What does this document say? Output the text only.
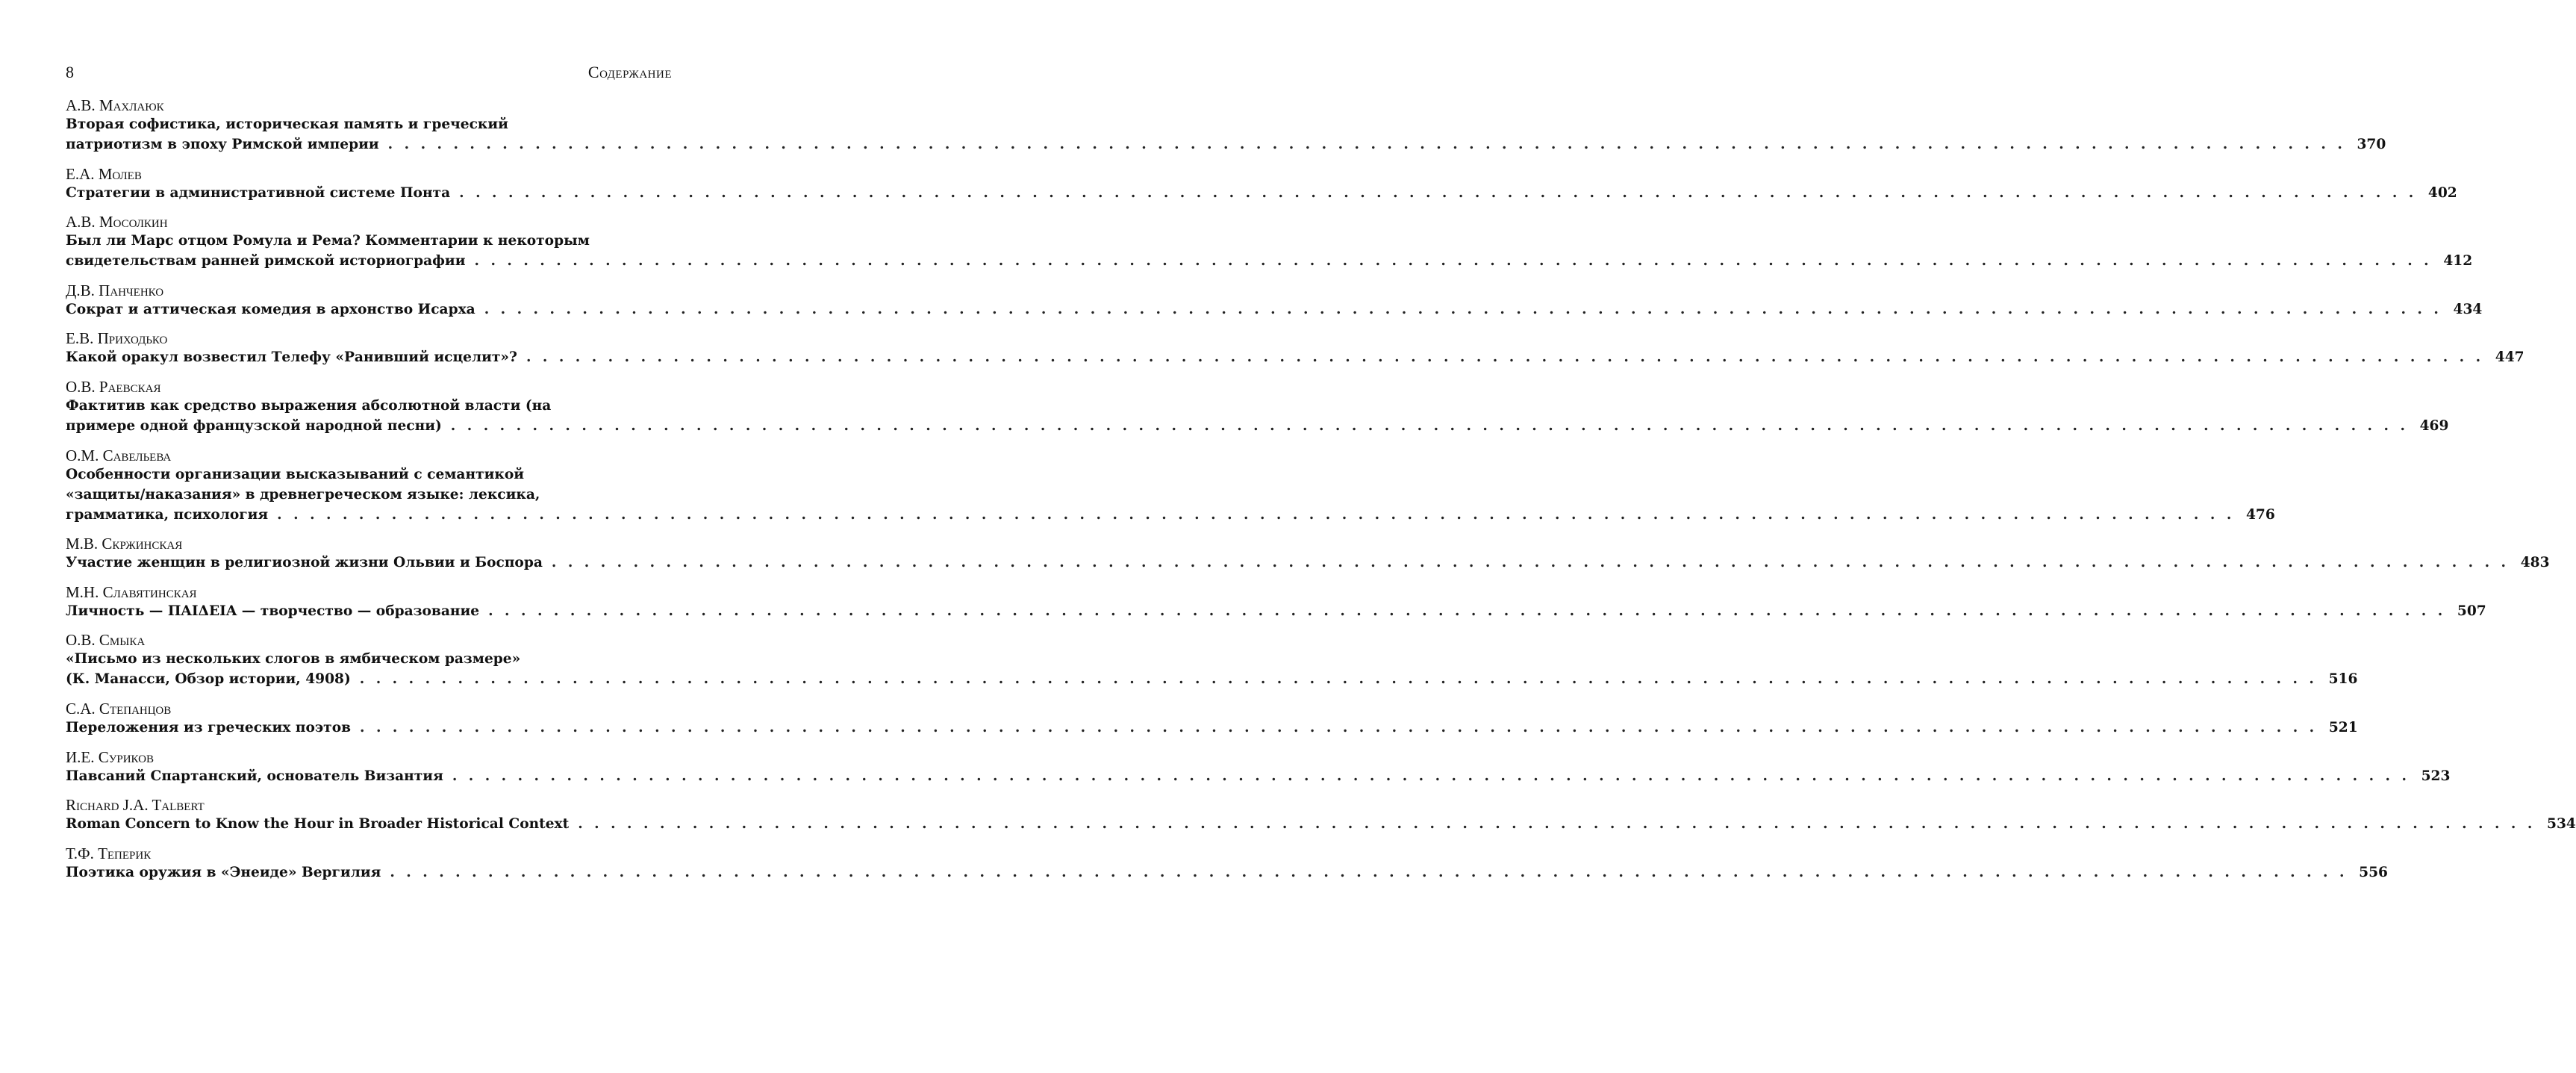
8	Содержание
А.В. Махлаюк
Вторая софистика, историческая память и греческий
патриотизм в эпоху Римской империи . . . . . . . . . . . . . . . . . . . . . . . . . . . . . . . . . . . . . . . . . . . . . . . . . . . . . . . . . . . . . . . . . . . . . . . . . . . . . . . . . . . . . . . . . . . . . . . . . . . . . . . . . . . . . . . . . . . . . . . . 370
Е.А. Молев
Стратегии в административной системе Понта . . . . . . . . . . . . . . . . . . . . . . . . . . . . . . . . . . . . . . . . . . . . . . . . . . . . . . . . . . . . . . . . . . . . . . . . . . . . . . . . . . . . . . . . . . . . . . . . . . . . . . . . . . . . . . . . . . . . . . . . 402
А.В. Мосолкин
Был ли Марс отцом Ромула и Рема? Комментарии к некоторым
свидетельствам ранней римской историографии . . . . . . . . . . . . . . . . . . . . . . . . . . . . . . . . . . . . . . . . . . . . . . . . . . . . . . . . . . . . . . . . . . . . . . . . . . . . . . . . . . . . . . . . . . . . . . . . . . . . . . . . . . . . . . . . . . . . . . . . 412
Д.В. Панченко
Сократ и аттическая комедия в архонство Исарха . . . . . . . . . . . . . . . . . . . . . . . . . . . . . . . . . . . . . . . . . . . . . . . . . . . . . . . . . . . . . . . . . . . . . . . . . . . . . . . . . . . . . . . . . . . . . . . . . . . . . . . . . . . . . . . . . . . . . . . . 434
Е.В. Приходько
Какой оракул возвестил Телефу «Ранивший исцелит»? . . . . . . . . . . . . . . . . . . . . . . . . . . . . . . . . . . . . . . . . . . . . . . . . . . . . . . . . . . . . . . . . . . . . . . . . . . . . . . . . . . . . . . . . . . . . . . . . . . . . . . . . . . . . . . . . . . . . . . . . 447
О.В. Раевская
Фактитив как средство выражения абсолютной власти (на
примере одной французской народной песни) . . . . . . . . . . . . . . . . . . . . . . . . . . . . . . . . . . . . . . . . . . . . . . . . . . . . . . . . . . . . . . . . . . . . . . . . . . . . . . . . . . . . . . . . . . . . . . . . . . . . . . . . . . . . . . . . . . . . . . . . 469
О.М. Савельева
Особенности организации высказываний с семантикой
«защиты/наказания» в древнегреческом языке: лексика,
грамматика, психология . . . . . . . . . . . . . . . . . . . . . . . . . . . . . . . . . . . . . . . . . . . . . . . . . . . . . . . . . . . . . . . . . . . . . . . . . . . . . . . . . . . . . . . . . . . . . . . . . . . . . . . . . . . . . . . . . . . . . . . . 476
М.В. Скржинская
Участие женщин в религиозной жизни Ольвии и Боспора . . . . . . . . . . . . . . . . . . . . . . . . . . . . . . . . . . . . . . . . . . . . . . . . . . . . . . . . . . . . . . . . . . . . . . . . . . . . . . . . . . . . . . . . . . . . . . . . . . . . . . . . . . . . . . . . . . . . . . . . 483
М.Н. Славятинская
Личность — ΠΑΙΔΕΙΑ — творчество — образование . . . . . . . . . . . . . . . . . . . . . . . . . . . . . . . . . . . . . . . . . . . . . . . . . . . . . . . . . . . . . . . . . . . . . . . . . . . . . . . . . . . . . . . . . . . . . . . . . . . . . . . . . . . . . . . . . . . . . . . . 507
О.В. Смыка
«Письмо из нескольких слогов в ямбическом размере»
(К. Манасси, Обзор истории, 4908) . . . . . . . . . . . . . . . . . . . . . . . . . . . . . . . . . . . . . . . . . . . . . . . . . . . . . . . . . . . . . . . . . . . . . . . . . . . . . . . . . . . . . . . . . . . . . . . . . . . . . . . . . . . . . . . . . . . . . . . . 516
С.А. Степанцов
Переложения из греческих поэтов . . . . . . . . . . . . . . . . . . . . . . . . . . . . . . . . . . . . . . . . . . . . . . . . . . . . . . . . . . . . . . . . . . . . . . . . . . . . . . . . . . . . . . . . . . . . . . . . . . . . . . . . . . . . . . . . . . . . . . . . 521
И.Е. Суриков
Павсаний Спартанский, основатель Византия . . . . . . . . . . . . . . . . . . . . . . . . . . . . . . . . . . . . . . . . . . . . . . . . . . . . . . . . . . . . . . . . . . . . . . . . . . . . . . . . . . . . . . . . . . . . . . . . . . . . . . . . . . . . . . . . . . . . . . . . 523
Richard J.A. Talbert
Roman Concern to Know the Hour in Broader Historical Context . . . . . . . . . . . . . . . . . . . . . . . . . . . . . . . . . . . . . . . . . . . . . . . . . . . . . . . . . . . . . . . . . . . . . . . . . . . . . . . . . . . . . . . . . . . . . . . . . . . . . . . . . . . . . . . . . . . . . . . . 534
Т.Ф. Теперик
Поэтика оружия в «Энеиде» Вергилия . . . . . . . . . . . . . . . . . . . . . . . . . . . . . . . . . . . . . . . . . . . . . . . . . . . . . . . . . . . . . . . . . . . . . . . . . . . . . . . . . . . . . . . . . . . . . . . . . . . . . . . . . . . . . . . . . . . . . . . . 556
